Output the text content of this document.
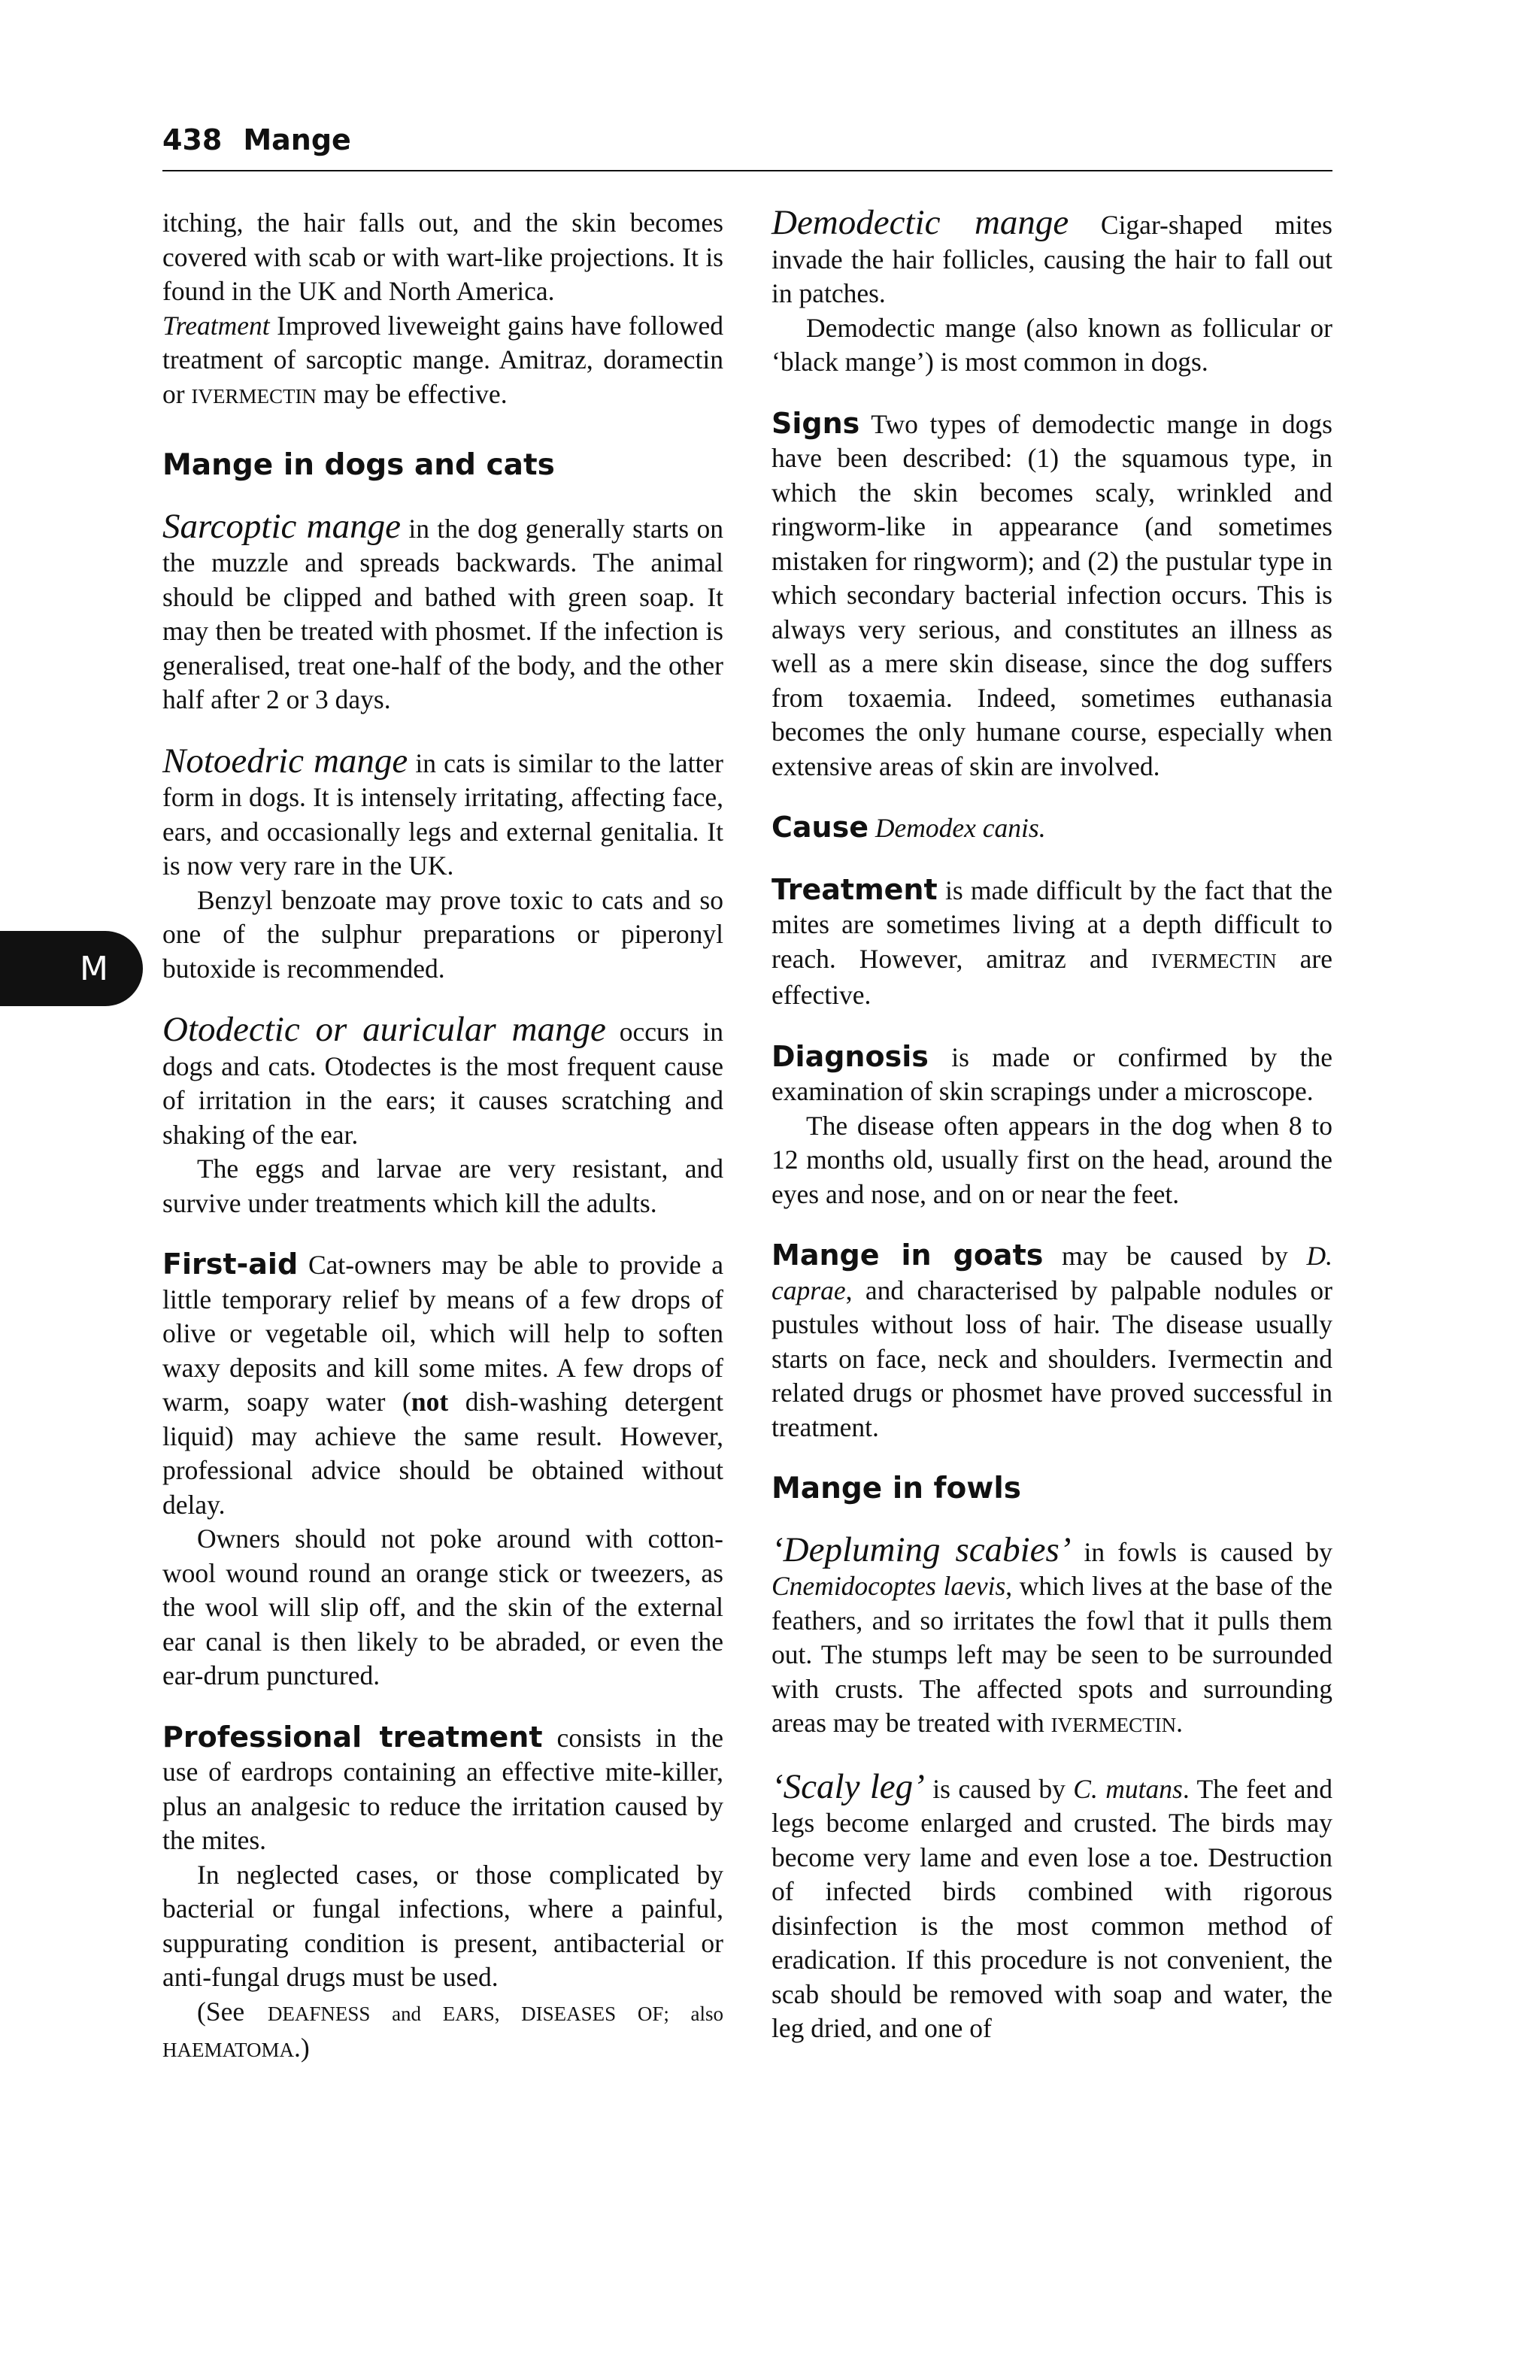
438 Mange
M

itching, the hair falls out, and the skin becomes covered with scab or with wart-like projections. It is found in the UK and North America.

Treatment Improved liveweight gains have followed treatment of sarcoptic mange. Amitraz, doramectin or IVERMECTIN may be effective.

Mange in dogs and cats

Sarcoptic mange in the dog generally starts on the muzzle and spreads backwards. The animal should be clipped and bathed with green soap. It may then be treated with phosmet. If the infection is generalised, treat one-half of the body, and the other half after 2 or 3 days.

Notoedric mange in cats is similar to the latter form in dogs. It is intensely irritating, affecting face, ears, and occasionally legs and external genitalia. It is now very rare in the UK.

Benzyl benzoate may prove toxic to cats and so one of the sulphur preparations or piperonyl butoxide is recommended.

Otodectic or auricular mange occurs in dogs and cats. Otodectes is the most frequent cause of irritation in the ears; it causes scratching and shaking of the ear.

The eggs and larvae are very resistant, and survive under treatments which kill the adults.

First-aid Cat-owners may be able to provide a little temporary relief by means of a few drops of olive or vegetable oil, which will help to soften waxy deposits and kill some mites. A few drops of warm, soapy water (not dish-washing detergent liquid) may achieve the same result. However, professional advice should be obtained without delay.

Owners should not poke around with cotton-wool wound round an orange stick or tweezers, as the wool will slip off, and the skin of the external ear canal is then likely to be abraded, or even the ear-drum punctured.

Professional treatment consists in the use of eardrops containing an effective mite-killer, plus an analgesic to reduce the irritation caused by the mites.

In neglected cases, or those complicated by bacterial or fungal infections, where a painful, suppurating condition is present, antibacterial or anti-fungal drugs must be used.

(See DEAFNESS and EARS, DISEASES OF; also HAEMATOMA.)

Demodectic mange Cigar-shaped mites invade the hair follicles, causing the hair to fall out in patches.

Demodectic mange (also known as follicular or ‘black mange’) is most common in dogs.

Signs Two types of demodectic mange in dogs have been described: (1) the squamous type, in which the skin becomes scaly, wrinkled and ringworm-like in appearance (and sometimes mistaken for ringworm); and (2) the pustular type in which secondary bacterial infection occurs. This is always very serious, and constitutes an illness as well as a mere skin disease, since the dog suffers from toxaemia. Indeed, sometimes euthanasia becomes the only humane course, especially when extensive areas of skin are involved.

Cause Demodex canis.

Treatment is made difficult by the fact that the mites are sometimes living at a depth difficult to reach. However, amitraz and IVERMECTIN are effective.

Diagnosis is made or confirmed by the examination of skin scrapings under a microscope.

The disease often appears in the dog when 8 to 12 months old, usually first on the head, around the eyes and nose, and on or near the feet.

Mange in goats may be caused by D. caprae, and characterised by palpable nodules or pustules without loss of hair. The disease usually starts on face, neck and shoulders. Ivermectin and related drugs or phosmet have proved successful in treatment.

Mange in fowls

‘Depluming scabies’ in fowls is caused by Cnemidocoptes laevis, which lives at the base of the feathers, and so irritates the fowl that it pulls them out. The stumps left may be seen to be surrounded with crusts. The affected spots and surrounding areas may be treated with IVERMECTIN.

‘Scaly leg’ is caused by C. mutans. The feet and legs become enlarged and crusted. The birds may become very lame and even lose a toe. Destruction of infected birds combined with rigorous disinfection is the most common method of eradication. If this procedure is not convenient, the scab should be removed with soap and water, the leg dried, and one of
